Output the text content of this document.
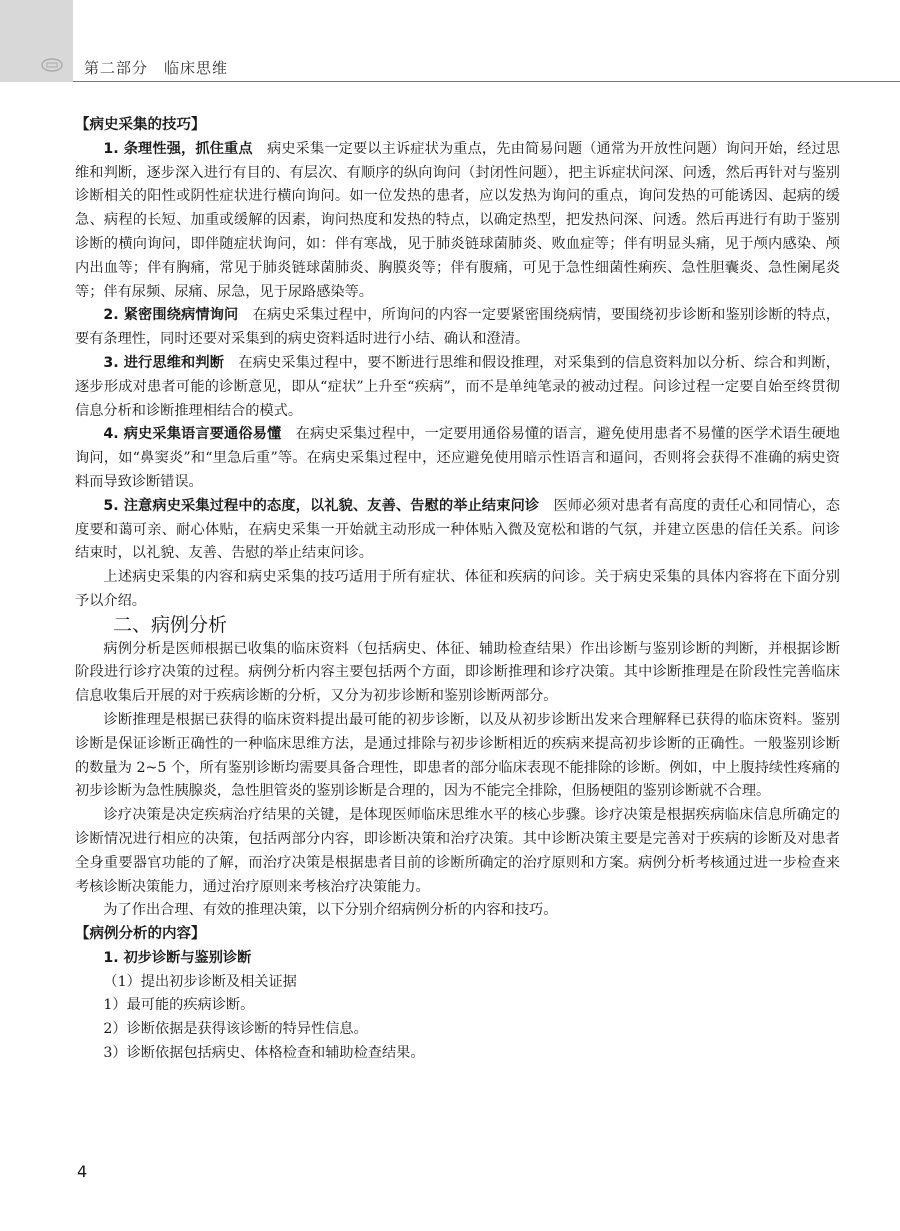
第二部分　临床思维

【病史采集的技巧】

1. 条理性强，抓住重点　 病史采集一定要以主诉症状为重点，先由简易问题（通常为开放性问题）询问开始，经过思维和判断，逐步深入进行有目的、有层次、有顺序的纵向询问（封闭性问题），把主诉症状问深、问透，然后再针对与鉴别诊断相关的阳性或阴性症状进行横向询问。如一位发热的患者，应以发热为询问的重点，询问发热的可能诱因、起病的缓急、病程的长短、加重或缓解的因素，询问热度和发热的特点，以确定热型，把发热问深、问透。然后再进行有助于鉴别诊断的横向询问，即伴随症状询问，如：伴有寒战，见于肺炎链球菌肺炎、败血症等；伴有明显头痛，见于颅内感染、颅内出血等；伴有胸痛，常见于肺炎链球菌肺炎、胸膜炎等；伴有腹痛，可见于急性细菌性痢疾、急性胆囊炎、急性阑尾炎等；伴有尿频、尿痛、尿急，见于尿路感染等。

2. 紧密围绕病情询问　 在病史采集过程中，所询问的内容一定要紧密围绕病情，要围绕初步诊断和鉴别诊断的特点，要有条理性，同时还要对采集到的病史资料适时进行小结、确认和澄清。

3. 进行思维和判断　 在病史采集过程中，要不断进行思维和假设推理，对采集到的信息资料加以分析、综合和判断，逐步形成对患者可能的诊断意见，即从“症状”上升至“疾病”，而不是单纯笔录的被动过程。问诊过程一定要自始至终贯彻信息分析和诊断推理相结合的模式。

4. 病史采集语言要通俗易懂　 在病史采集过程中，一定要用通俗易懂的语言，避免使用患者不易懂的医学术语生硬地询问，如“鼻窦炎”和“里急后重”等。在病史采集过程中，还应避免使用暗示性语言和逼问，否则将会获得不准确的病史资料而导致诊断错误。

5. 注意病史采集过程中的态度，以礼貌、友善、告慰的举止结束问诊　 医师必须对患者有高度的责任心和同情心，态度要和蔼可亲、耐心体贴，在病史采集一开始就主动形成一种体贴入微及宽松和谐的气氛，并建立医患的信任关系。问诊结束时，以礼貌、友善、告慰的举止结束问诊。

上述病史采集的内容和病史采集的技巧适用于所有症状、体征和疾病的问诊。关于病史采集的具体内容将在下面分别予以介绍。

二、病例分析

病例分析是医师根据已收集的临床资料（包括病史、体征、辅助检查结果）作出诊断与鉴别诊断的判断，并根据诊断阶段进行诊疗决策的过程。病例分析内容主要包括两个方面，即诊断推理和诊疗决策。其中诊断推理是在阶段性完善临床信息收集后开展的对于疾病诊断的分析，又分为初步诊断和鉴别诊断两部分。

诊断推理是根据已获得的临床资料提出最可能的初步诊断，以及从初步诊断出发来合理解释已获得的临床资料。鉴别诊断是保证诊断正确性的一种临床思维方法，是通过排除与初步诊断相近的疾病来提高初步诊断的正确性。一般鉴别诊断的数量为 2~5 个，所有鉴别诊断均需要具备合理性，即患者的部分临床表现不能排除的诊断。例如，中上腹持续性疼痛的初步诊断为急性胰腺炎，急性胆管炎的鉴别诊断是合理的，因为不能完全排除，但肠梗阻的鉴别诊断就不合理。

诊疗决策是决定疾病治疗结果的关键，是体现医师临床思维水平的核心步骤。诊疗决策是根据疾病临床信息所确定的诊断情况进行相应的决策，包括两部分内容，即诊断决策和治疗决策。其中诊断决策主要是完善对于疾病的诊断及对患者全身重要器官功能的了解，而治疗决策是根据患者目前的诊断所确定的治疗原则和方案。病例分析考核通过进一步检查来考核诊断决策能力，通过治疗原则来考核治疗决策能力。

为了作出合理、有效的推理决策，以下分别介绍病例分析的内容和技巧。

【病例分析的内容】

1. 初步诊断与鉴别诊断

（1）提出初步诊断及相关证据

1）最可能的疾病诊断。

2）诊断依据是获得该诊断的特异性信息。

3）诊断依据包括病史、体格检查和辅助检查结果。

4
